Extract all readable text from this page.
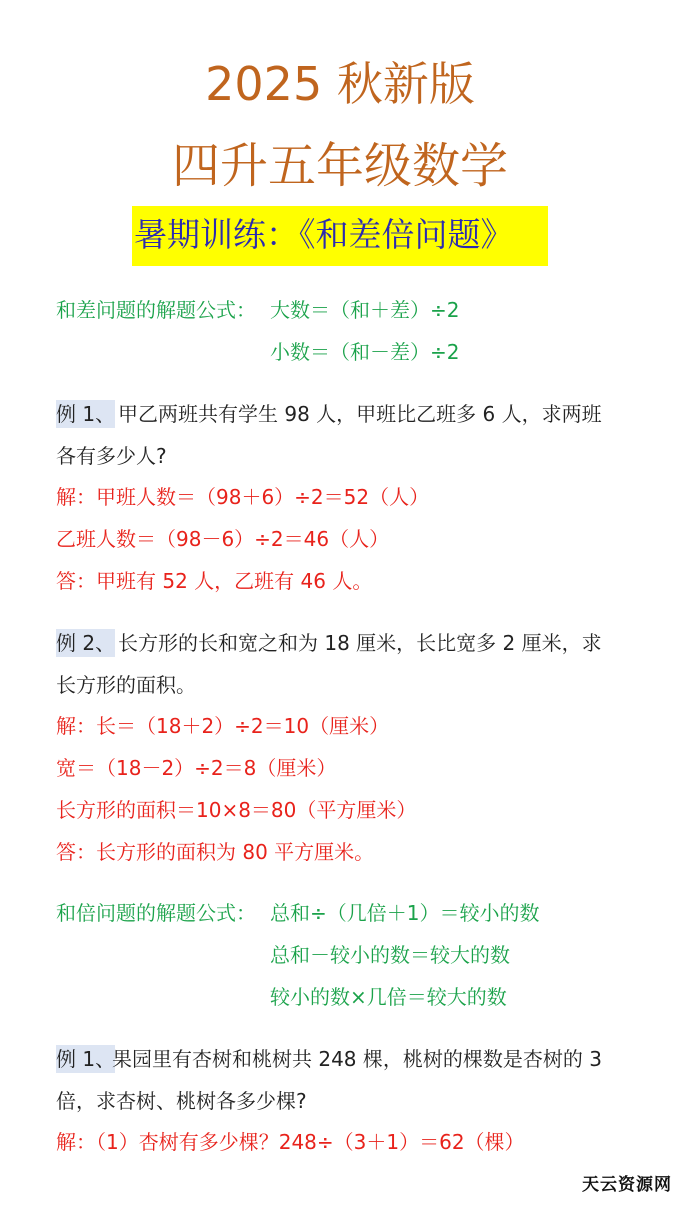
2025 秋新版
四升五年级数学
暑期训练：《和差倍问题》
和差问题的解题公式： 大数＝（和＋差）÷2
小数＝（和－差）÷2
例 1、 甲乙两班共有学生 98 人，甲班比乙班多 6 人，求两班
各有多少人?
解：甲班人数＝（98＋6）÷2＝52（人）
乙班人数＝（98－6）÷2＝46（人）
答：甲班有 52 人，乙班有 46 人。
例 2、 长方形的长和宽之和为 18 厘米，长比宽多 2 厘米，求
长方形的面积。
解：长＝（18＋2）÷2＝10（厘米）
宽＝（18－2）÷2＝8（厘米）
长方形的面积＝10×8＝80（平方厘米）
答：长方形的面积为 80 平方厘米。
和倍问题的解题公式： 总和÷（几倍＋1）＝较小的数
总和－较小的数＝较大的数
较小的数×几倍＝较大的数
例 1、
果园里有杏树和桃树共 248 棵，桃树的棵数是杏树的 3
倍，求杏树、桃树各多少棵?
解：（1）杏树有多少棵？248÷（3＋1）＝62（棵）
天云资源网
